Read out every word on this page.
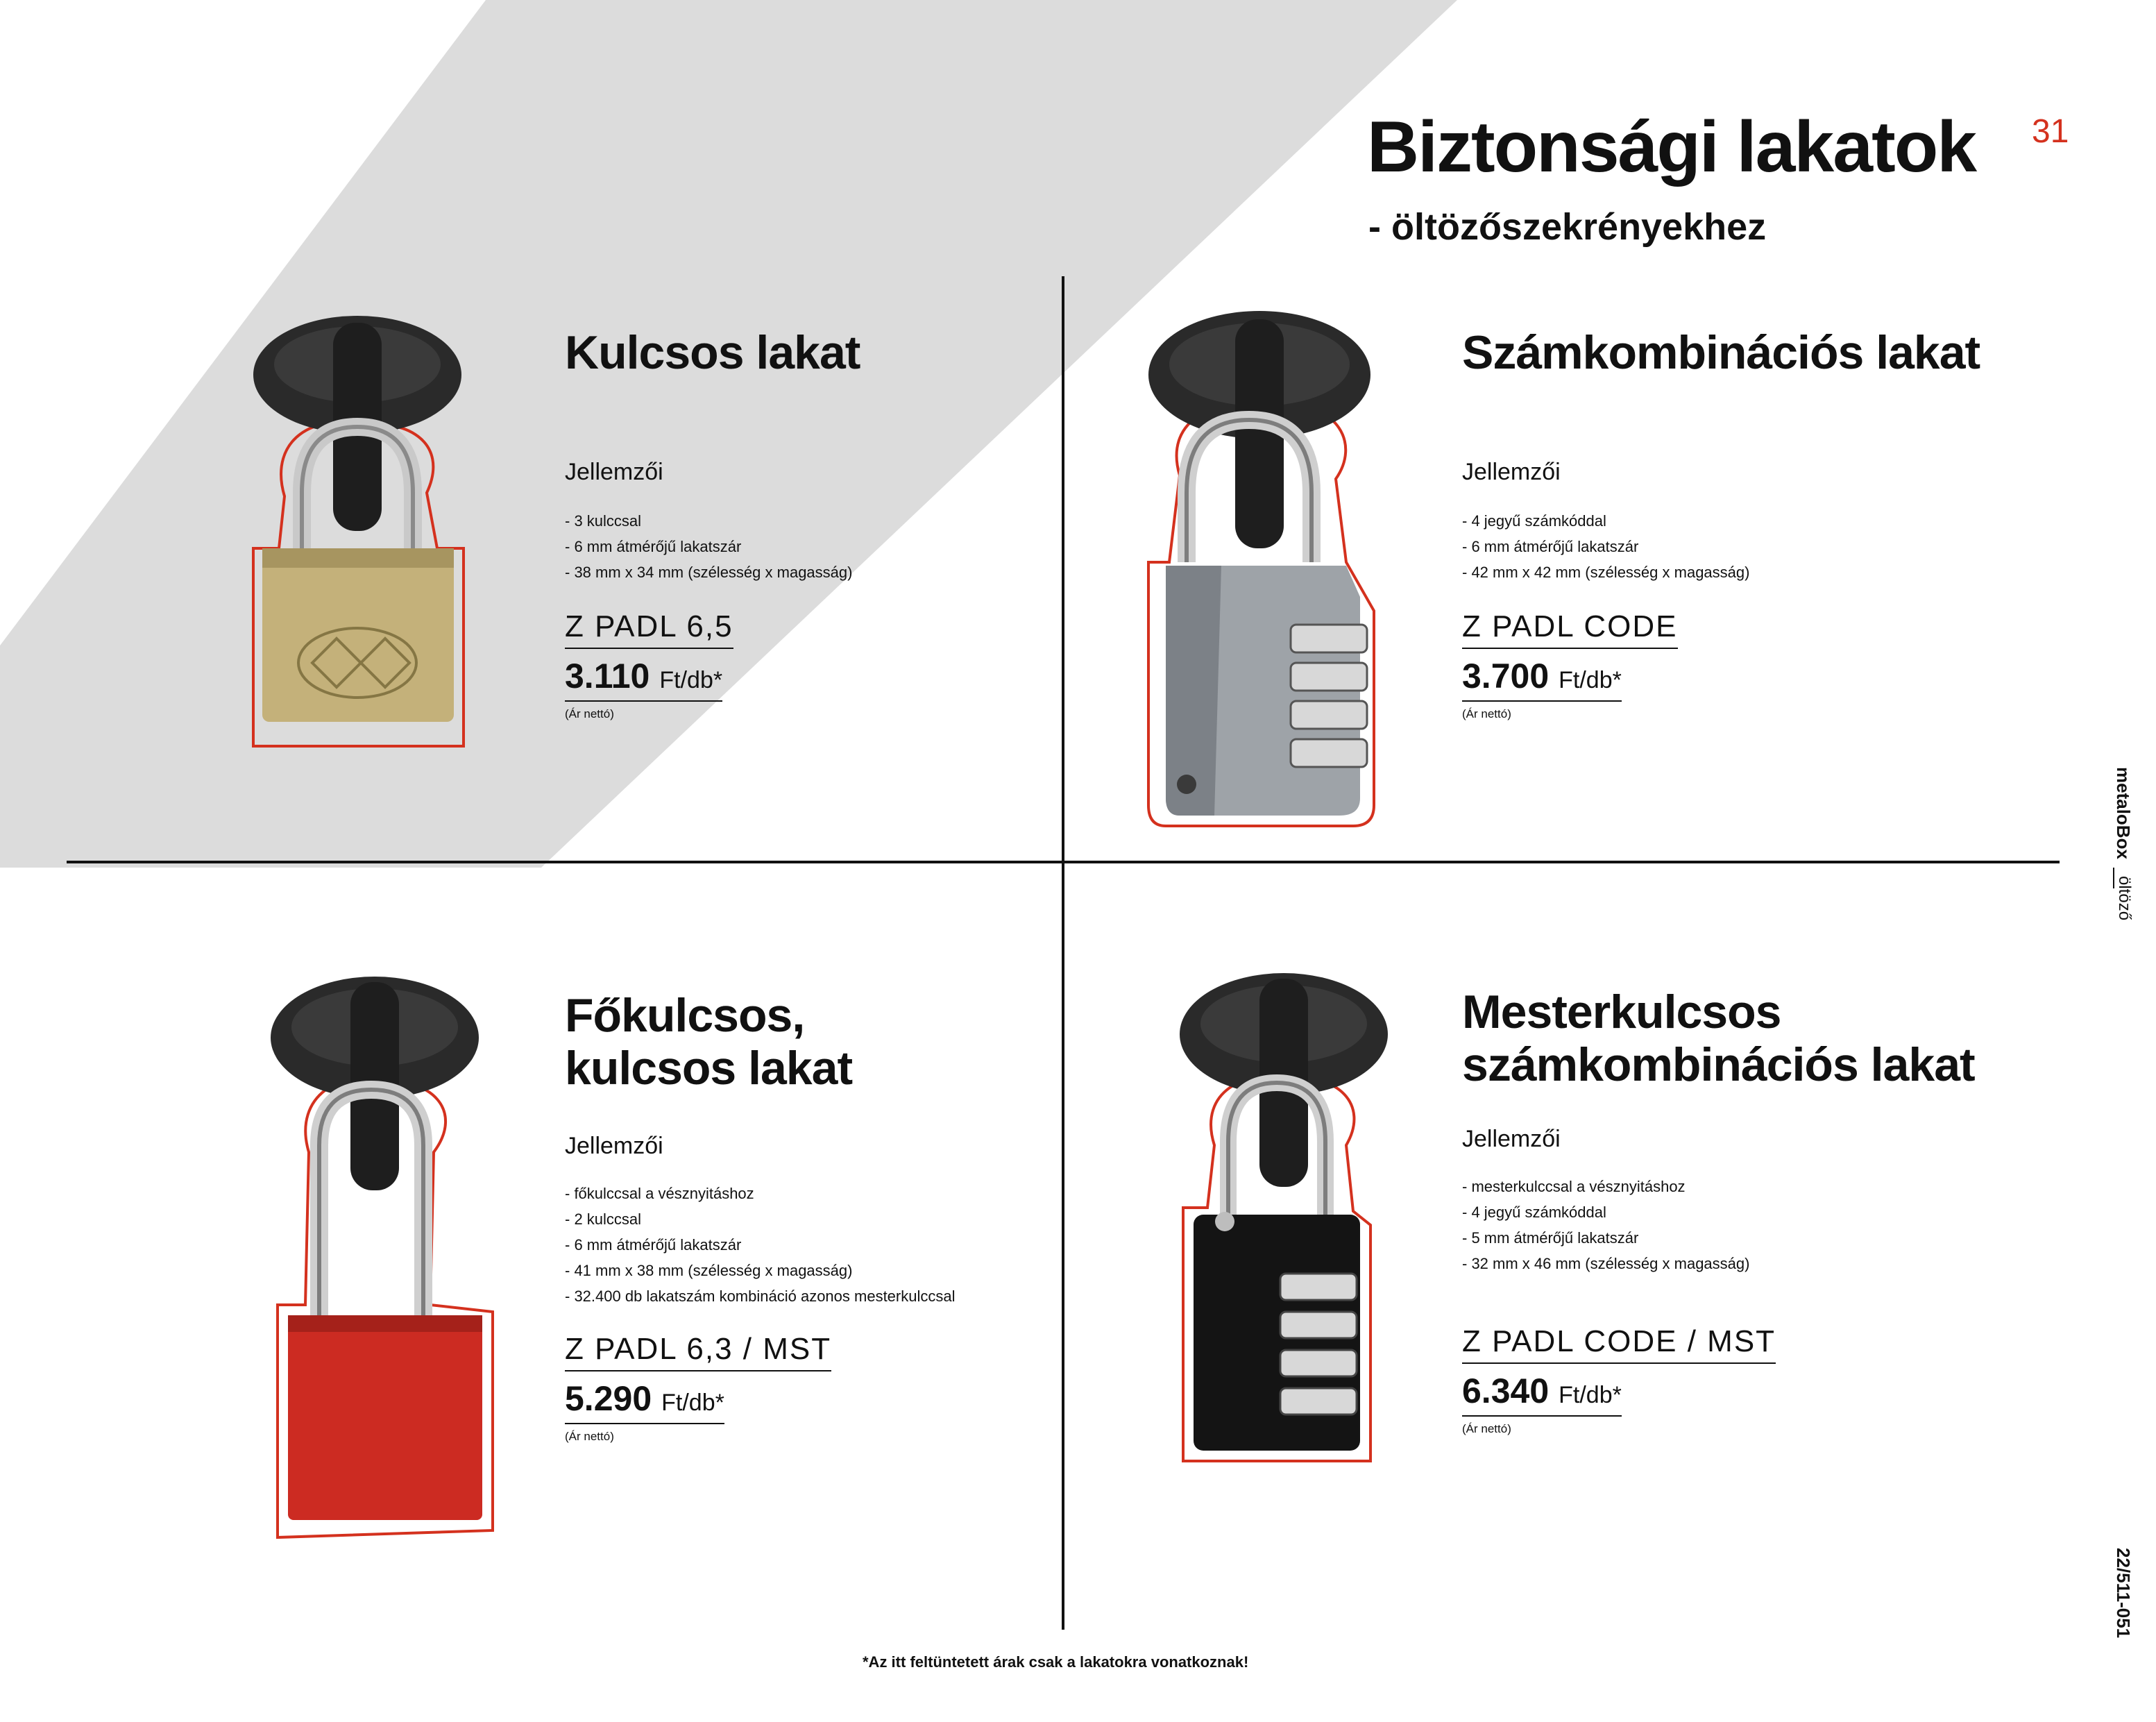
Biztonsági lakatok
- öltözőszekrényekhez
31
Kulcsos lakat

Jellemzői

- 3 kulccsal
- 6 mm átmérőjű lakatszár
- 38 mm x 34 mm (szélesség x magasság)
Z PADL 6,5
3.110 Ft/db*
(Ár nettó)
Számkombinációs lakat

Jellemzői

- 4 jegyű számkóddal
- 6 mm átmérőjű lakatszár
- 42 mm x 42 mm (szélesség x magasság)
Z PADL CODE
3.700 Ft/db*
(Ár nettó)
Főkulcsos,
kulcsos lakat

Jellemzői

- főkulccsal a vésznyitáshoz
- 2 kulccsal
- 6 mm átmérőjű lakatszár
- 41 mm x 38 mm (szélesség x magasság)
- 32.400 db lakatszám kombináció azonos mesterkulccsal
Z PADL 6,3 / MST
5.290 Ft/db*
(Ár nettó)
Mesterkulcsos
számkombinációs lakat

Jellemzői

- mesterkulccsal a vésznyitáshoz
- 4 jegyű számkóddal
- 5 mm átmérőjű lakatszár
- 32 mm x 46 mm (szélesség x magasság)
Z PADL CODE / MST
6.340 Ft/db*
(Ár nettó)
metaloBox
öltöző
22/511-051
*Az itt feltüntetett árak csak a lakatokra vonatkoznak!
